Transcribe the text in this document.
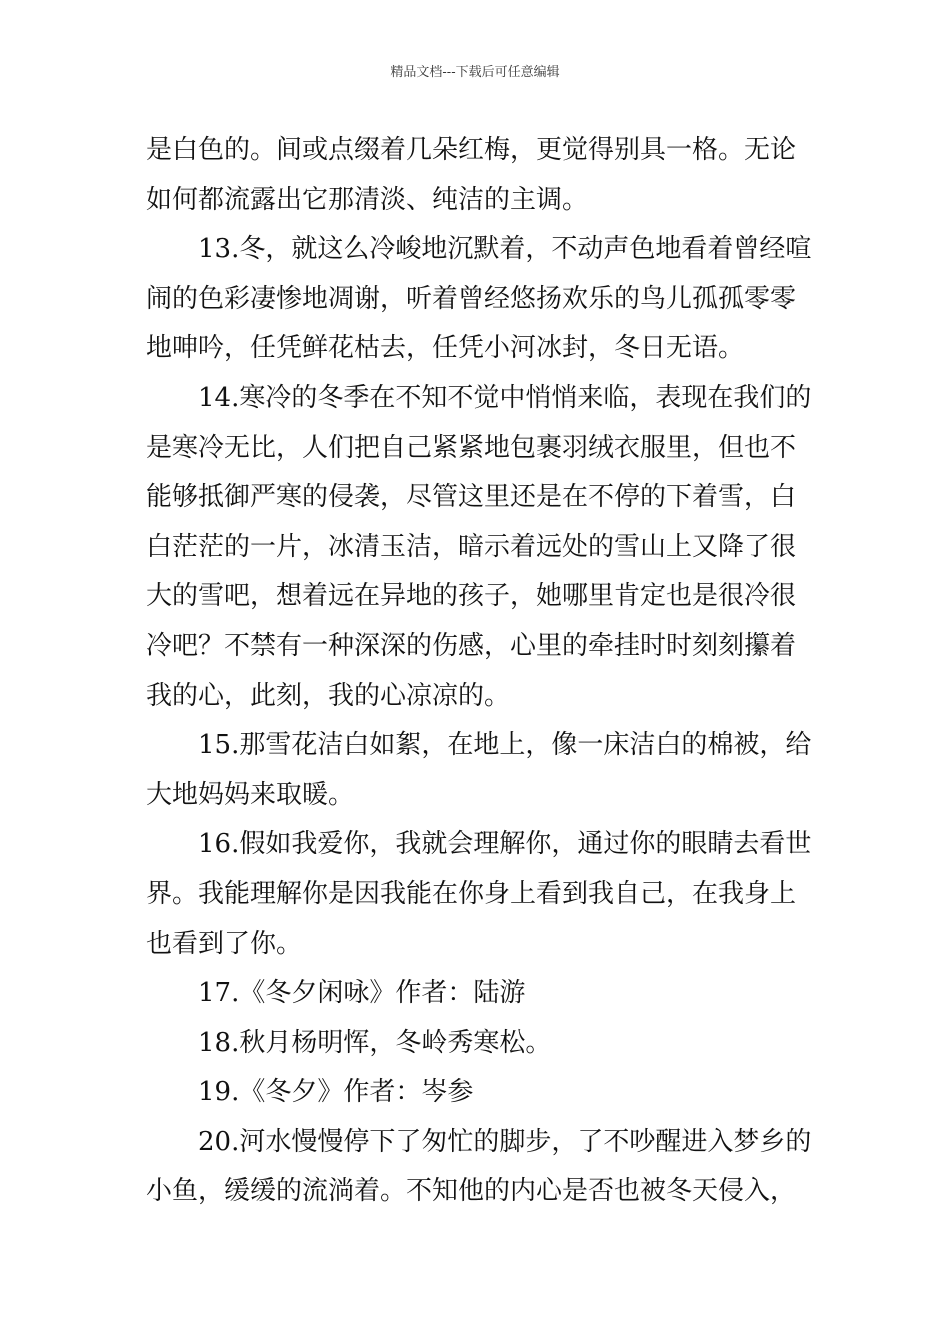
精品文档---下载后可任意编辑
是白色的。间或点缀着几朵红梅，更觉得别具一格。无论
如何都流露出它那清淡、纯洁的主调。
13.冬，就这么冷峻地沉默着，不动声色地看着曾经喧
闹的色彩凄惨地凋谢，听着曾经悠扬欢乐的鸟儿孤孤零零
地呻吟，任凭鲜花枯去，任凭小河冰封，冬日无语。
14.寒冷的冬季在不知不觉中悄悄来临，表现在我们的
是寒冷无比，人们把自己紧紧地包裹羽绒衣服里，但也不
能够抵御严寒的侵袭，尽管这里还是在不停的下着雪，白
白茫茫的一片，冰清玉洁，暗示着远处的雪山上又降了很
大的雪吧，想着远在异地的孩子，她哪里肯定也是很冷很
冷吧？不禁有一种深深的伤感，心里的牵挂时时刻刻攥着
我的心，此刻，我的心凉凉的。
15.那雪花洁白如絮，在地上，像一床洁白的棉被，给
大地妈妈来取暖。
16.假如我爱你，我就会理解你，通过你的眼睛去看世
界。我能理解你是因我能在你身上看到我自己，在我身上
也看到了你。
17.《冬夕闲咏》作者：陆游
18.秋月杨明恽，冬岭秀寒松。
19.《冬夕》作者：岑参
20.河水慢慢停下了匆忙的脚步，了不吵醒进入梦乡的
小鱼，缓缓的流淌着。不知他的内心是否也被冬天侵入，
